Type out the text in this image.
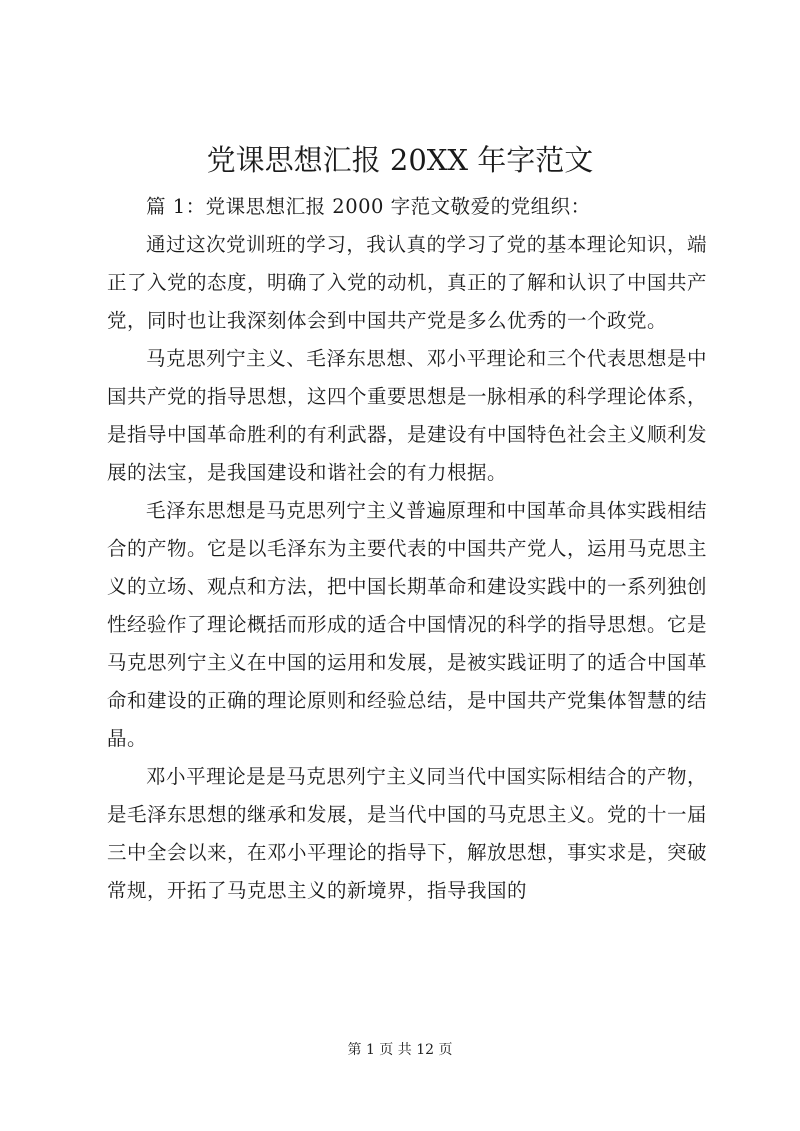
党课思想汇报 20XX 年字范文

篇 1：党课思想汇报 2000 字范文敬爱的党组织：

通过这次党训班的学习，我认真的学习了党的基本理论知识，端正了入党的态度，明确了入党的动机，真正的了解和认识了中国共产党，同时也让我深刻体会到中国共产党是多么优秀的一个政党。

马克思列宁主义、毛泽东思想、邓小平理论和三个代表思想是中国共产党的指导思想，这四个重要思想是一脉相承的科学理论体系，是指导中国革命胜利的有利武器，是建设有中国特色社会主义顺利发展的法宝，是我国建设和谐社会的有力根据。

毛泽东思想是马克思列宁主义普遍原理和中国革命具体实践相结合的产物。它是以毛泽东为主要代表的中国共产党人，运用马克思主义的立场、观点和方法，把中国长期革命和建设实践中的一系列独创性经验作了理论概括而形成的适合中国情况的科学的指导思想。它是马克思列宁主义在中国的运用和发展，是被实践证明了的适合中国革命和建设的正确的理论原则和经验总结，是中国共产党集体智慧的结晶。

邓小平理论是是马克思列宁主义同当代中国实际相结合的产物，是毛泽东思想的继承和发展，是当代中国的马克思主义。党的十一届三中全会以来，在邓小平理论的指导下，解放思想，事实求是，突破常规，开拓了马克思主义的新境界，指导我国的

第 1 页 共 12 页
